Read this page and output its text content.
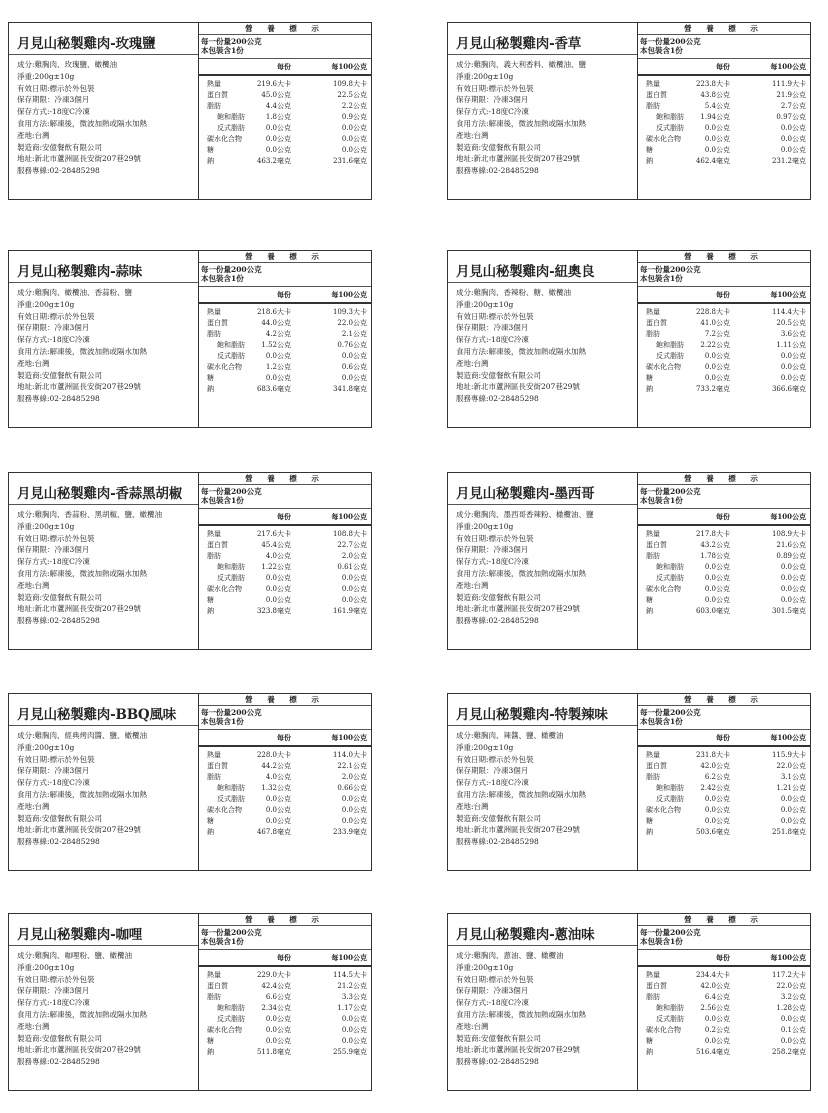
月見山秘製雞肉-玫瑰鹽
成分:雞胸肉、玫瑰鹽、橄欖油
淨重:200g±10g
有效日期:標示於外包裝
保存期限：冷凍3個月
保存方式:-18度C冷凍
食用方法:解凍後，微波加熱或隔水加熱
產地:台灣
製造商:安億餐飲有限公司
地址:新北市蘆洲區長安街207巷29號
服務專線:02-28485298
營 養 標 示
每一份量200公克
本包裝含1份
每份	每100公克
熱量	219.6大卡	109.8大卡
蛋白質	45.0公克	22.5公克
脂肪	4.4公克	2.2公克
飽和脂肪	1.8公克	0.9公克
反式脂肪	0.0公克	0.0公克
碳水化合物	0.0公克	0.0公克
糖	0.0公克	0.0公克
鈉	463.2毫克	231.6毫克
月見山秘製雞肉-香草
成分:雞胸肉、義大利香料、橄欖油、鹽
淨重:200g±10g
有效日期:標示於外包裝
保存期限：冷凍3個月
保存方式:-18度C冷凍
食用方法:解凍後，微波加熱或隔水加熱
產地:台灣
製造商:安億餐飲有限公司
地址:新北市蘆洲區長安街207巷29號
服務專線:02-28485298
營 養 標 示
每一份量200公克
本包裝含1份
每份	每100公克
熱量	223.8大卡	111.9大卡
蛋白質	43.8公克	21.9公克
脂肪	5.4公克	2.7公克
飽和脂肪	1.94公克	0.97公克
反式脂肪	0.0公克	0.0公克
碳水化合物	0.0公克	0.0公克
糖	0.0公克	0.0公克
鈉	462.4毫克	231.2毫克
月見山秘製雞肉-蒜味
成分:雞胸肉、橄欖油、香蒜粉、鹽
淨重:200g±10g
有效日期:標示於外包裝
保存期限：冷凍3個月
保存方式:-18度C冷凍
食用方法:解凍後，微波加熱或隔水加熱
產地:台灣
製造商:安億餐飲有限公司
地址:新北市蘆洲區長安街207巷29號
服務專線:02-28485298
營 養 標 示
每一份量200公克
本包裝含1份
每份	每100公克
熱量	218.6大卡	109.3大卡
蛋白質	44.0公克	22.0公克
脂肪	4.2公克	2.1公克
飽和脂肪	1.52公克	0.76公克
反式脂肪	0.0公克	0.0公克
碳水化合物	1.2公克	0.6公克
糖	0.0公克	0.0公克
鈉	683.6毫克	341.8毫克
月見山秘製雞肉-紐奧良
成分:雞胸肉、香辣粉、糖、橄欖油
淨重:200g±10g
有效日期:標示於外包裝
保存期限：冷凍3個月
保存方式:-18度C冷凍
食用方法:解凍後，微波加熱或隔水加熱
產地:台灣
製造商:安億餐飲有限公司
地址:新北市蘆洲區長安街207巷29號
服務專線:02-28485298
營 養 標 示
每一份量200公克
本包裝含1份
每份	每100公克
熱量	228.8大卡	114.4大卡
蛋白質	41.0公克	20.5公克
脂肪	7.2公克	3.6公克
飽和脂肪	2.22公克	1.11公克
反式脂肪	0.0公克	0.0公克
碳水化合物	0.0公克	0.0公克
糖	0.0公克	0.0公克
鈉	733.2毫克	366.6毫克
月見山秘製雞肉-香蒜黑胡椒
成分:雞胸肉、香蒜粉、黑胡椒、鹽、橄欖油
淨重:200g±10g
有效日期:標示於外包裝
保存期限：冷凍3個月
保存方式:-18度C冷凍
食用方法:解凍後，微波加熱或隔水加熱
產地:台灣
製造商:安億餐飲有限公司
地址:新北市蘆洲區長安街207巷29號
服務專線:02-28485298
營 養 標 示
每一份量200公克
本包裝含1份
每份	每100公克
熱量	217.6大卡	108.8大卡
蛋白質	45.4公克	22.7公克
脂肪	4.0公克	2.0公克
飽和脂肪	1.22公克	0.61公克
反式脂肪	0.0公克	0.0公克
碳水化合物	0.0公克	0.0公克
糖	0.0公克	0.0公克
鈉	323.8毫克	161.9毫克
月見山秘製雞肉-墨西哥
成分:雞胸肉、墨西哥香辣粉、橄欖油、鹽
淨重:200g±10g
有效日期:標示於外包裝
保存期限：冷凍3個月
保存方式:-18度C冷凍
食用方法:解凍後，微波加熱或隔水加熱
產地:台灣
製造商:安億餐飲有限公司
地址:新北市蘆洲區長安街207巷29號
服務專線:02-28485298
營 養 標 示
每一份量200公克
本包裝含1份
每份	每100公克
熱量	217.8大卡	108.9大卡
蛋白質	43.2公克	21.6公克
脂肪	1.78公克	0.89公克
飽和脂肪	0.0公克	0.0公克
反式脂肪	0.0公克	0.0公克
碳水化合物	0.0公克	0.0公克
糖	0.0公克	0.0公克
鈉	603.0毫克	301.5毫克
月見山秘製雞肉-BBQ風味
成分:雞胸肉、經典烤肉醬、鹽、橄欖油
淨重:200g±10g
有效日期:標示於外包裝
保存期限：冷凍3個月
保存方式:-18度C冷凍
食用方法:解凍後，微波加熱或隔水加熱
產地:台灣
製造商:安億餐飲有限公司
地址:新北市蘆洲區長安街207巷29號
服務專線:02-28485298
營 養 標 示
每一份量200公克
本包裝含1份
每份	每100公克
熱量	228.0大卡	114.0大卡
蛋白質	44.2公克	22.1公克
脂肪	4.0公克	2.0公克
飽和脂肪	1.32公克	0.66公克
反式脂肪	0.0公克	0.0公克
碳水化合物	0.0公克	0.0公克
糖	0.0公克	0.0公克
鈉	467.8毫克	233.9毫克
月見山秘製雞肉-特製辣味
成分:雞胸肉、辣醬、鹽、橄欖油
淨重:200g±10g
有效日期:標示於外包裝
保存期限：冷凍3個月
保存方式:-18度C冷凍
食用方法:解凍後，微波加熱或隔水加熱
產地:台灣
製造商:安億餐飲有限公司
地址:新北市蘆洲區長安街207巷29號
服務專線:02-28485298
營 養 標 示
每一份量200公克
本包裝含1份
每份	每100公克
熱量	231.8大卡	115.9大卡
蛋白質	42.0公克	22.0公克
脂肪	6.2公克	3.1公克
飽和脂肪	2.42公克	1.21公克
反式脂肪	0.0公克	0.0公克
碳水化合物	0.0公克	0.0公克
糖	0.0公克	0.0公克
鈉	503.6毫克	251.8毫克
月見山秘製雞肉-咖哩
成分:雞胸肉、咖哩粉、鹽、橄欖油
淨重:200g±10g
有效日期:標示於外包裝
保存期限：冷凍3個月
保存方式:-18度C冷凍
食用方法:解凍後，微波加熱或隔水加熱
產地:台灣
製造商:安億餐飲有限公司
地址:新北市蘆洲區長安街207巷29號
服務專線:02-28485298
營 養 標 示
每一份量200公克
本包裝含1份
每份	每100公克
熱量	229.0大卡	114.5大卡
蛋白質	42.4公克	21.2公克
脂肪	6.6公克	3.3公克
飽和脂肪	2.34公克	1.17公克
反式脂肪	0.0公克	0.0公克
碳水化合物	0.0公克	0.0公克
糖	0.0公克	0.0公克
鈉	511.8毫克	255.9毫克
月見山秘製雞肉-蔥油味
成分:雞胸肉、蔥油、鹽、橄欖油
淨重:200g±10g
有效日期:標示於外包裝
保存期限：冷凍3個月
保存方式:-18度C冷凍
食用方法:解凍後，微波加熱或隔水加熱
產地:台灣
製造商:安億餐飲有限公司
地址:新北市蘆洲區長安街207巷29號
服務專線:02-28485298
營 養 標 示
每一份量200公克
本包裝含1份
每份	每100公克
熱量	234.4大卡	117.2大卡
蛋白質	42.0公克	22.0公克
脂肪	6.4公克	3.2公克
飽和脂肪	2.56公克	1.28公克
反式脂肪	0.0公克	0.0公克
碳水化合物	0.2公克	0.1公克
糖	0.0公克	0.0公克
鈉	516.4毫克	258.2毫克
